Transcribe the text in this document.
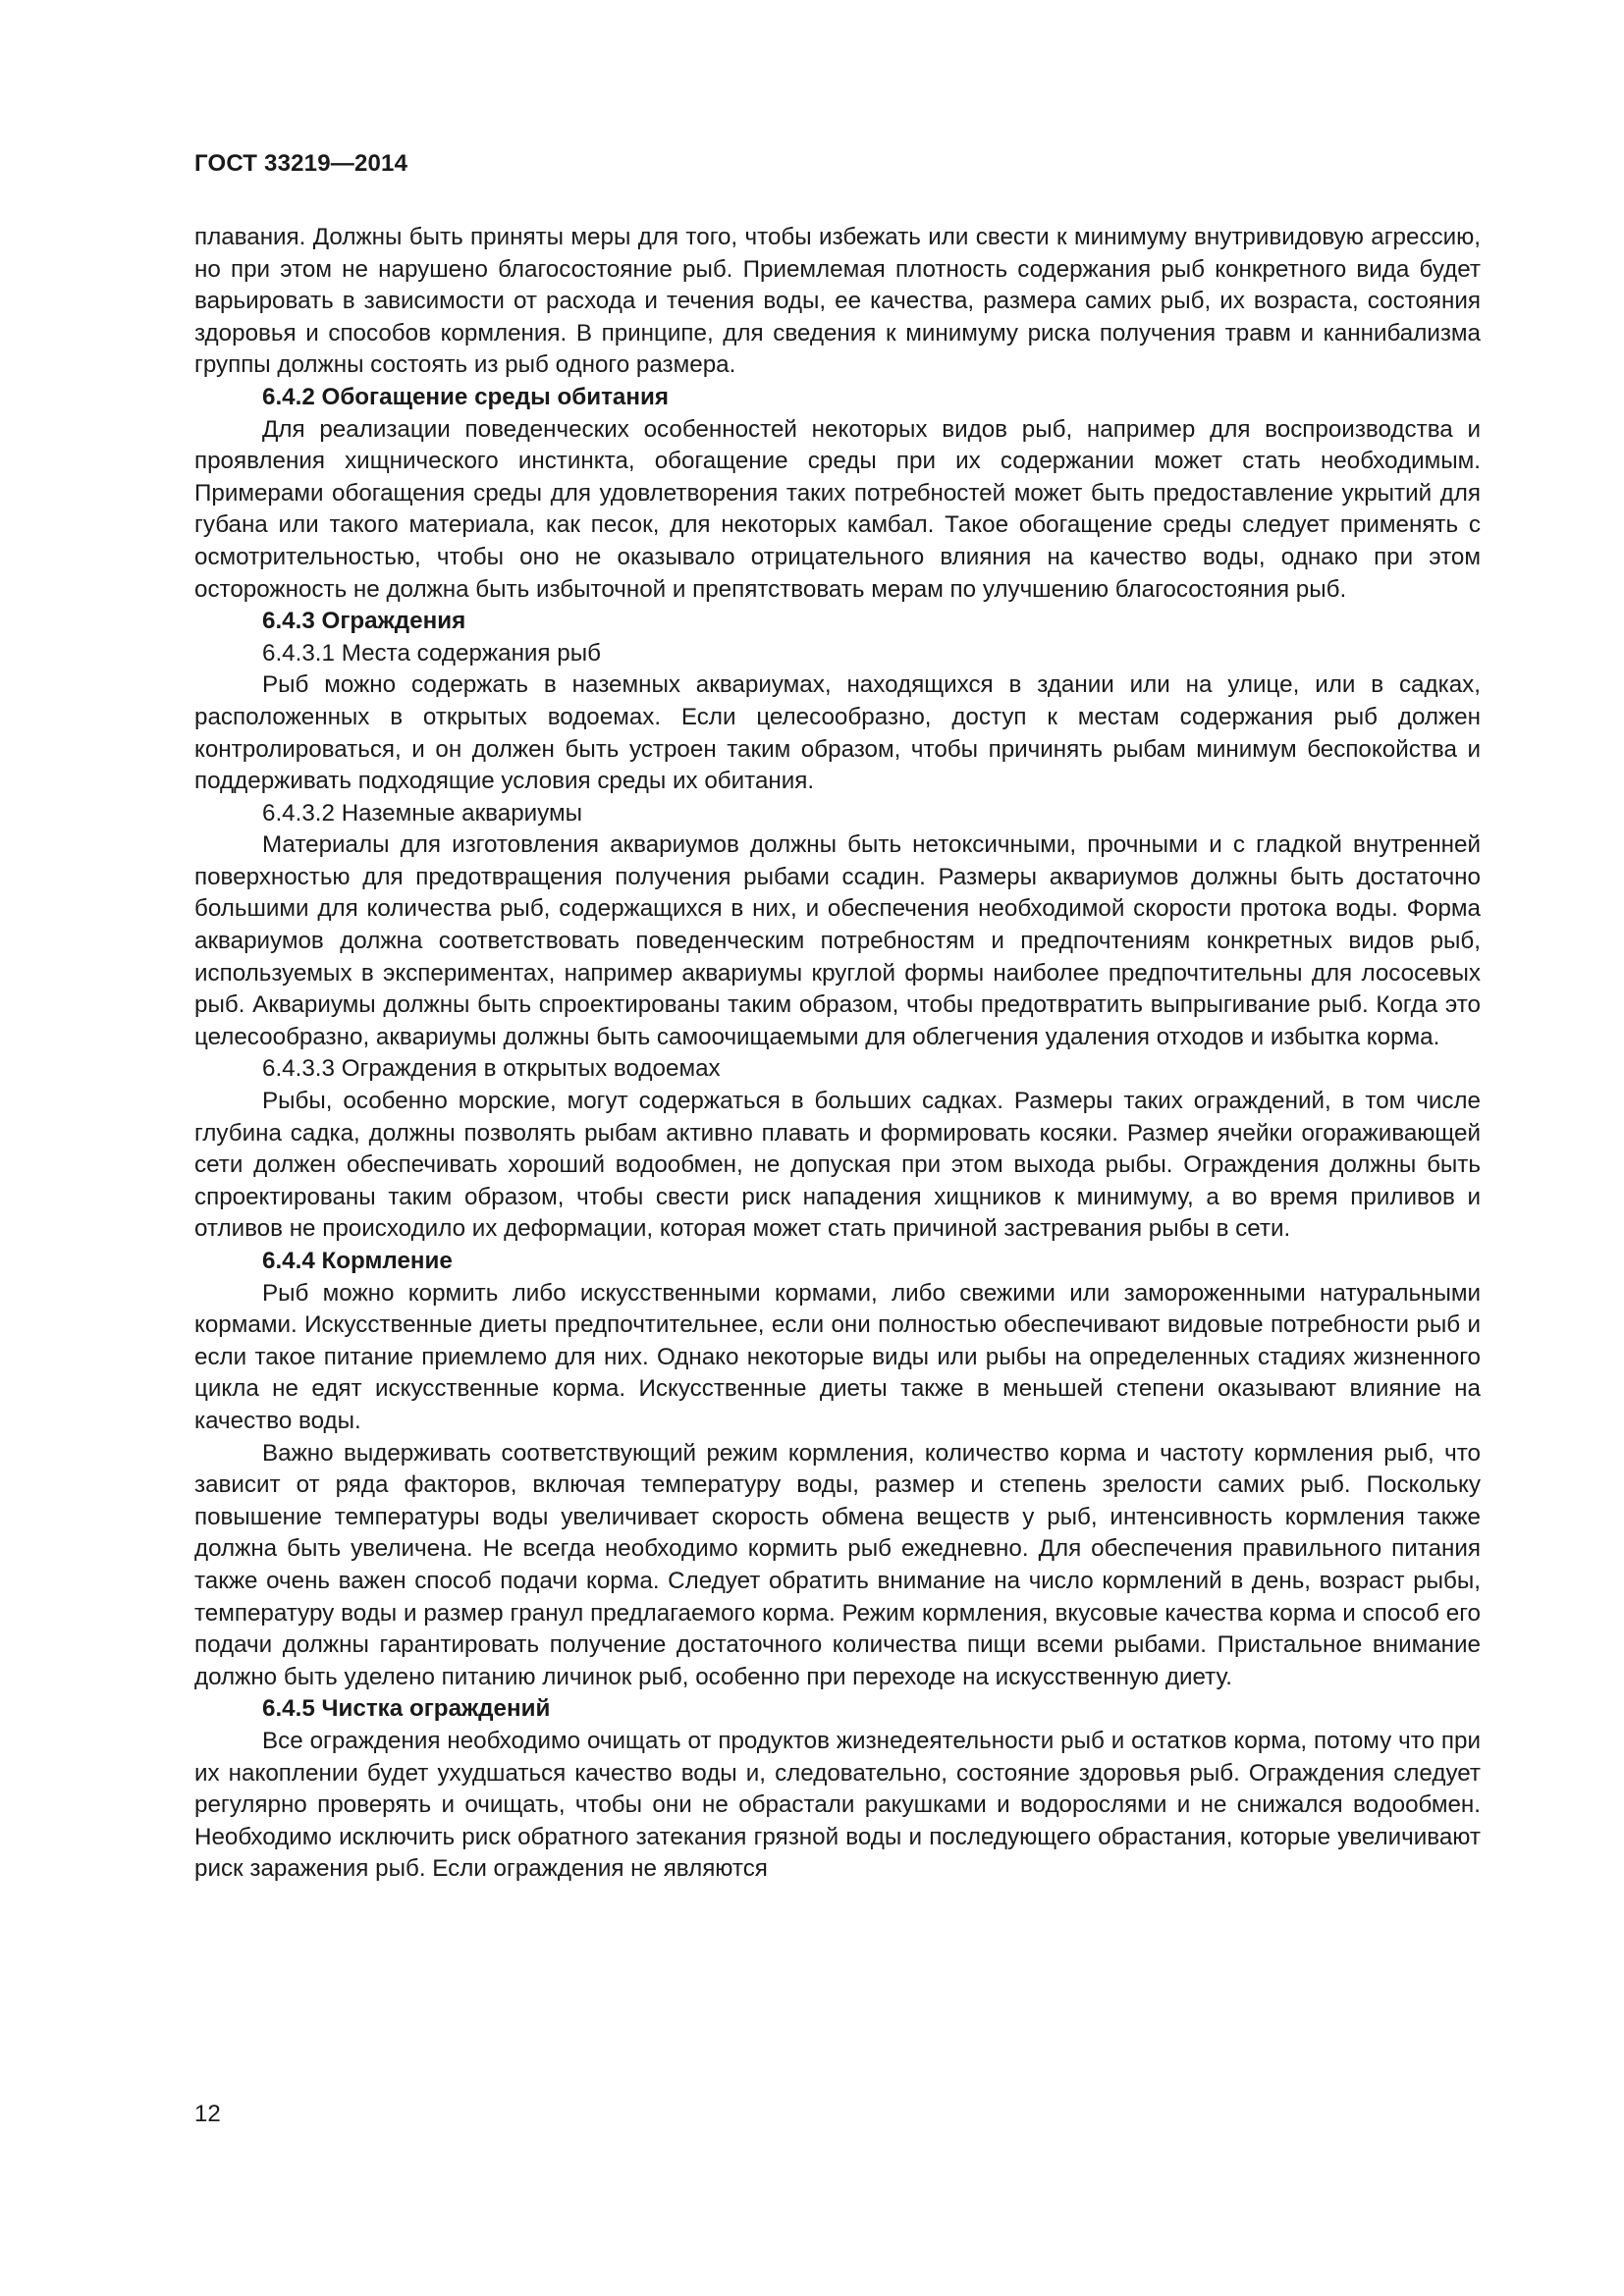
ГОСТ 33219—2014

плавания. Должны быть приняты меры для того, чтобы избежать или свести к минимуму внутривидовую агрессию, но при этом не нарушено благосостояние рыб. Приемлемая плотность содержания рыб конкретного вида будет варьировать в зависимости от расхода и течения воды, ее качества, размера самих рыб, их возраста, состояния здоровья и способов кормления. В принципе, для сведения к минимуму риска получения травм и каннибализма группы должны состоять из рыб одного размера.

6.4.2 Обогащение среды обитания

Для реализации поведенческих особенностей некоторых видов рыб, например для воспроизводства и проявления хищнического инстинкта, обогащение среды при их содержании может стать необходимым. Примерами обогащения среды для удовлетворения таких потребностей может быть предоставление укрытий для губана или такого материала, как песок, для некоторых камбал. Такое обогащение среды следует применять с осмотрительностью, чтобы оно не оказывало отрицательного влияния на качество воды, однако при этом осторожность не должна быть избыточной и препятствовать мерам по улучшению благосостояния рыб.

6.4.3 Ограждения

6.4.3.1 Места содержания рыб

Рыб можно содержать в наземных аквариумах, находящихся в здании или на улице, или в садках, расположенных в открытых водоемах. Если целесообразно, доступ к местам содержания рыб должен контролироваться, и он должен быть устроен таким образом, чтобы причинять рыбам минимум беспокойства и поддерживать подходящие условия среды их обитания.

6.4.3.2 Наземные аквариумы

Материалы для изготовления аквариумов должны быть нетоксичными, прочными и с гладкой внутренней поверхностью для предотвращения получения рыбами ссадин. Размеры аквариумов должны быть достаточно большими для количества рыб, содержащихся в них, и обеспечения необходимой скорости протока воды. Форма аквариумов должна соответствовать поведенческим потребностям и предпочтениям конкретных видов рыб, используемых в экспериментах, например аквариумы круглой формы наиболее предпочтительны для лососевых рыб. Аквариумы должны быть спроектированы таким образом, чтобы предотвратить выпрыгивание рыб. Когда это целесообразно, аквариумы должны быть самоочищаемыми для облегчения удаления отходов и избытка корма.

6.4.3.3 Ограждения в открытых водоемах

Рыбы, особенно морские, могут содержаться в больших садках. Размеры таких ограждений, в том числе глубина садка, должны позволять рыбам активно плавать и формировать косяки. Размер ячейки огораживающей сети должен обеспечивать хороший водообмен, не допуская при этом выхода рыбы. Ограждения должны быть спроектированы таким образом, чтобы свести риск нападения хищников к минимуму, а во время приливов и отливов не происходило их деформации, которая может стать причиной застревания рыбы в сети.

6.4.4 Кормление

Рыб можно кормить либо искусственными кормами, либо свежими или замороженными натуральными кормами. Искусственные диеты предпочтительнее, если они полностью обеспечивают видовые потребности рыб и если такое питание приемлемо для них. Однако некоторые виды или рыбы на определенных стадиях жизненного цикла не едят искусственные корма. Искусственные диеты также в меньшей степени оказывают влияние на качество воды.

Важно выдерживать соответствующий режим кормления, количество корма и частоту кормления рыб, что зависит от ряда факторов, включая температуру воды, размер и степень зрелости самих рыб. Поскольку повышение температуры воды увеличивает скорость обмена веществ у рыб, интенсивность кормления также должна быть увеличена. Не всегда необходимо кормить рыб ежедневно. Для обеспечения правильного питания также очень важен способ подачи корма. Следует обратить внимание на число кормлений в день, возраст рыбы, температуру воды и размер гранул предлагаемого корма. Режим кормления, вкусовые качества корма и способ его подачи должны гарантировать получение достаточного количества пищи всеми рыбами. Пристальное внимание должно быть уделено питанию личинок рыб, особенно при переходе на искусственную диету.

6.4.5 Чистка ограждений

Все ограждения необходимо очищать от продуктов жизнедеятельности рыб и остатков корма, потому что при их накоплении будет ухудшаться качество воды и, следовательно, состояние здоровья рыб. Ограждения следует регулярно проверять и очищать, чтобы они не обрастали ракушками и водорослями и не снижался водообмен. Необходимо исключить риск обратного затекания грязной воды и последующего обрастания, которые увеличивают риск заражения рыб. Если ограждения не являются

12
